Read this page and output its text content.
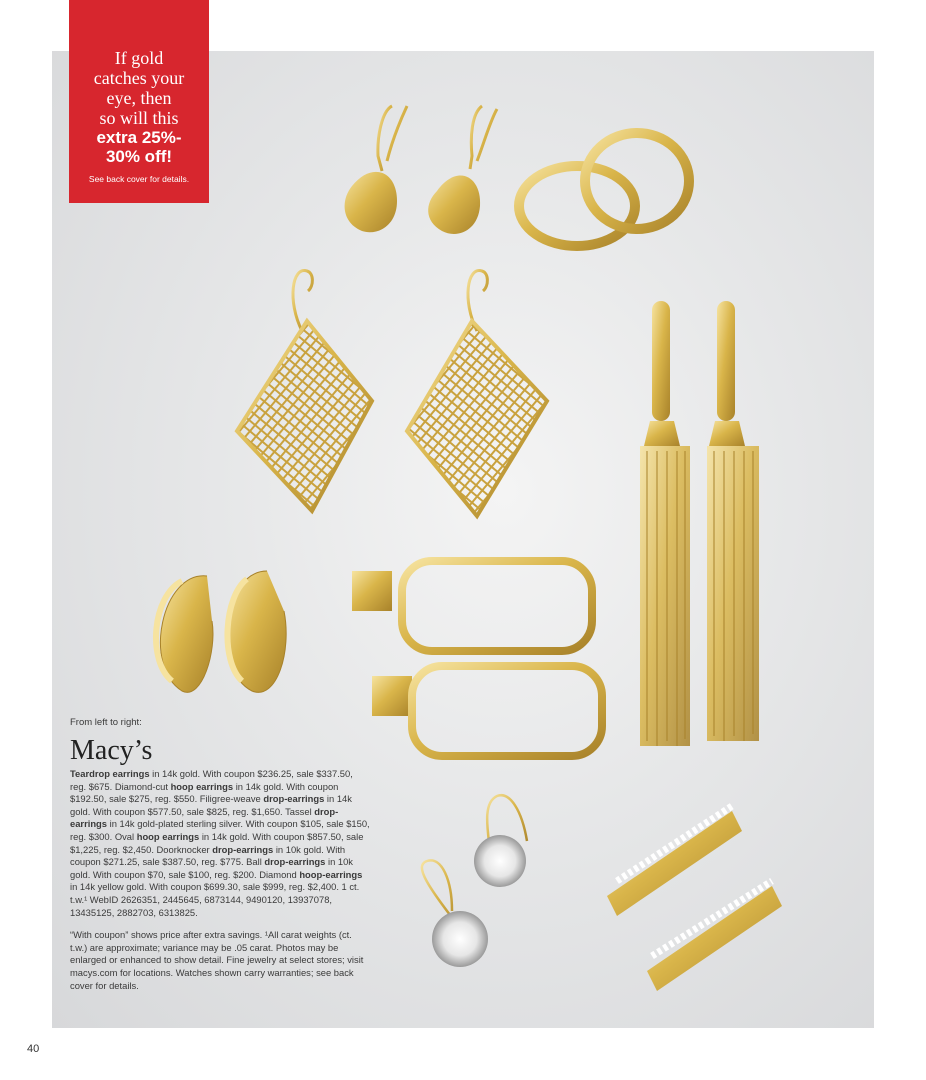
If gold
catches your
eye, then
so will this
extra 25%-
30% off!
See back cover for details.
From left to right:
Macy’s
Teardrop earrings in 14k gold. With coupon $236.25, sale $337.50, reg. $675. Diamond-cut hoop earrings in 14k gold. With coupon $192.50, sale $275, reg. $550. Filigree-weave drop-earrings in 14k gold. With coupon $577.50, sale $825, reg. $1,650. Tassel drop-earrings in 14k gold-plated sterling silver. With coupon $105, sale $150, reg. $300. Oval hoop earrings in 14k gold. With coupon $857.50, sale $1,225, reg. $2,450. Doorknocker drop-earrings in 10k gold. With coupon $271.25, sale $387.50, reg. $775. Ball drop-earrings in 10k gold. With coupon $70, sale $100, reg. $200. Diamond hoop-earrings in 14k yellow gold. With coupon $699.30, sale $999, reg. $2,400. 1 ct. t.w.¹ WebID 2626351, 2445645, 6873144, 9490120, 13937078, 13435125, 2882703, 6313825.
“With coupon” shows price after extra savings. ¹All carat weights (ct. t.w.) are approximate; variance may be .05 carat. Photos may be enlarged or enhanced to show detail. Fine jewelry at select stores; visit macys.com for locations. Watches shown carry warranties; see back cover for details.
40
